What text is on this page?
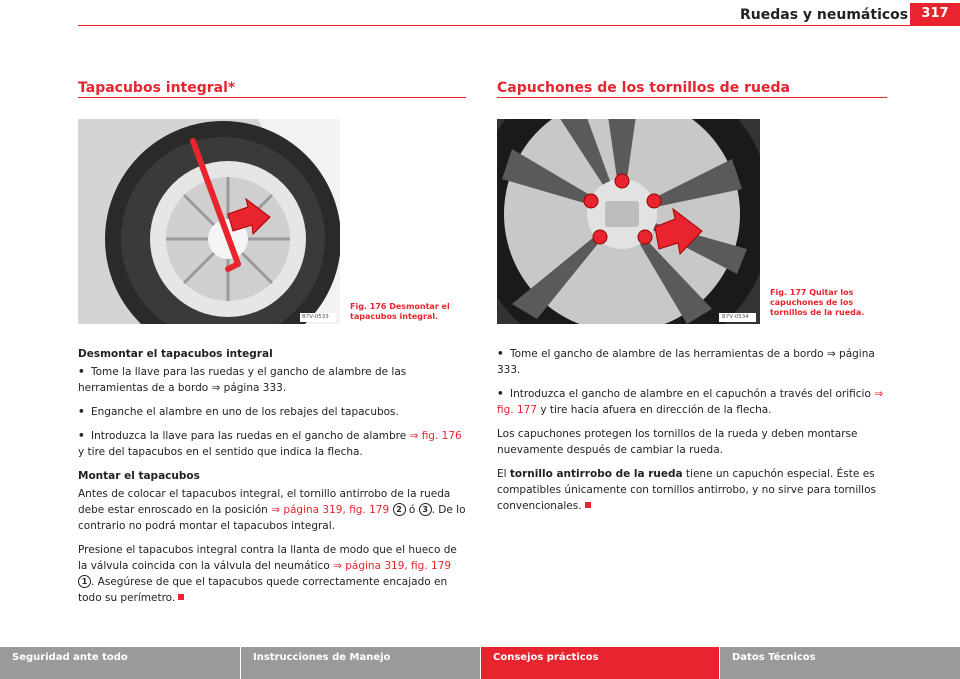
Ruedas y neumáticos	317
Tapacubos integral*
B7V-0533
Fig. 176 Desmontar el tapacubos integral.
Desmontar el tapacubos integral

• Tome la llave para las ruedas y el gancho de alambre de las herramientas de a bordo ⇒ página 333.

• Enganche el alambre en uno de los rebajes del tapacubos.

• Introduzca la llave para las ruedas en el gancho de alambre ⇒ fig. 176 y tire del tapacubos en el sentido que indica la flecha.

Montar el tapacubos

Antes de colocar el tapacubos integral, el tornillo antirrobo de la rueda debe estar enroscado en la posición ⇒ página 319, fig. 179 2 ó 3 . De lo contrario no podrá montar el tapacubos integral.

Presione el tapacubos integral contra la llanta de modo que el hueco de la válvula coincida con la válvula del neumático ⇒ página 319, fig. 179 1 . Asegúrese de que el tapacubos quede correctamente encajado en todo su perímetro.

Capuchones de los tornillos de rueda
B7V-0534
Fig. 177 Quitar los capuchones de los tornillos de la rueda.

• Tome el gancho de alambre de las herramientas de a bordo ⇒ página 333.

• Introduzca el gancho de alambre en el capuchón a través del orificio ⇒ fig. 177 y tire hacia afuera en dirección de la flecha.

Los capuchones protegen los tornillos de la rueda y deben montarse nuevamente después de cambiar la rueda.

El tornillo antirrobo de la rueda tiene un capuchón especial. Éste es compatibles únicamente con tornillos antirrobo, y no sirve para tornillos convencionales.

Seguridad ante todo	Instrucciones de Manejo	Consejos prácticos	Datos Técnicos
